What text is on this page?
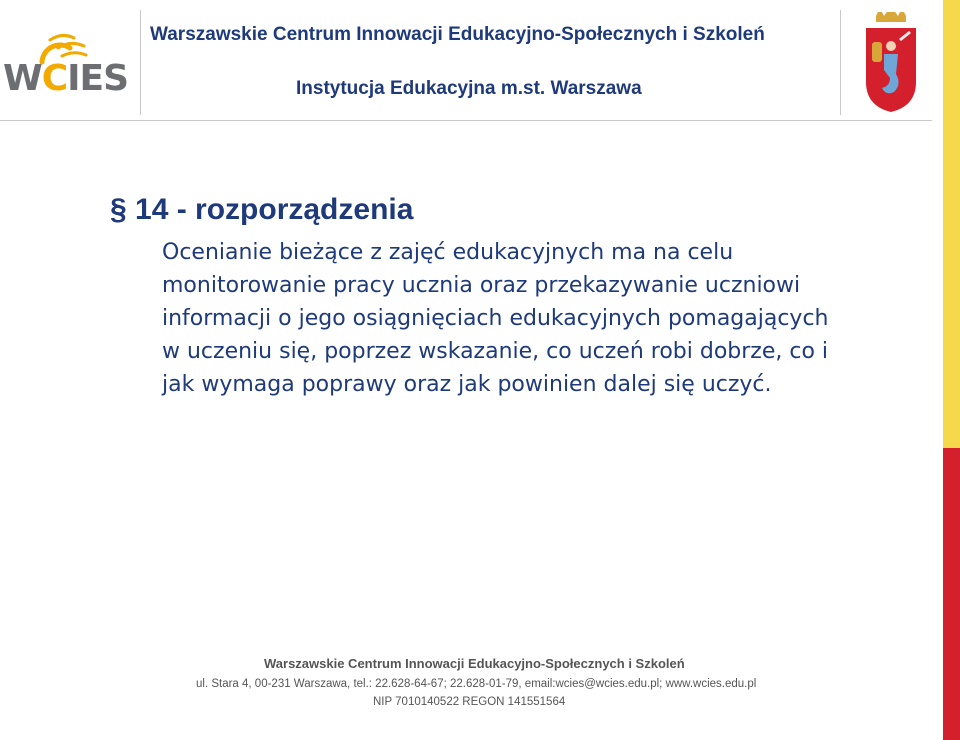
WCIES
Warszawskie Centrum Innowacji Edukacyjno-Społecznych i Szkoleń
Instytucja Edukacyjna m.st. Warszawa
§ 14 - rozporządzenia
Ocenianie bieżące z zajęć edukacyjnych ma na celu monitorowanie pracy ucznia oraz przekazywanie uczniowi informacji o jego osiągnięciach edukacyjnych pomagających w uczeniu się, poprzez wskazanie, co uczeń robi dobrze, co i jak wymaga poprawy oraz jak powinien dalej się uczyć.
Warszawskie Centrum Innowacji Edukacyjno-Społecznych i Szkoleń
ul. Stara 4, 00-231 Warszawa, tel.: 22.628-64-67; 22.628-01-79, email:wcies@wcies.edu.pl; www.wcies.edu.pl
NIP 7010140522 REGON 141551564
